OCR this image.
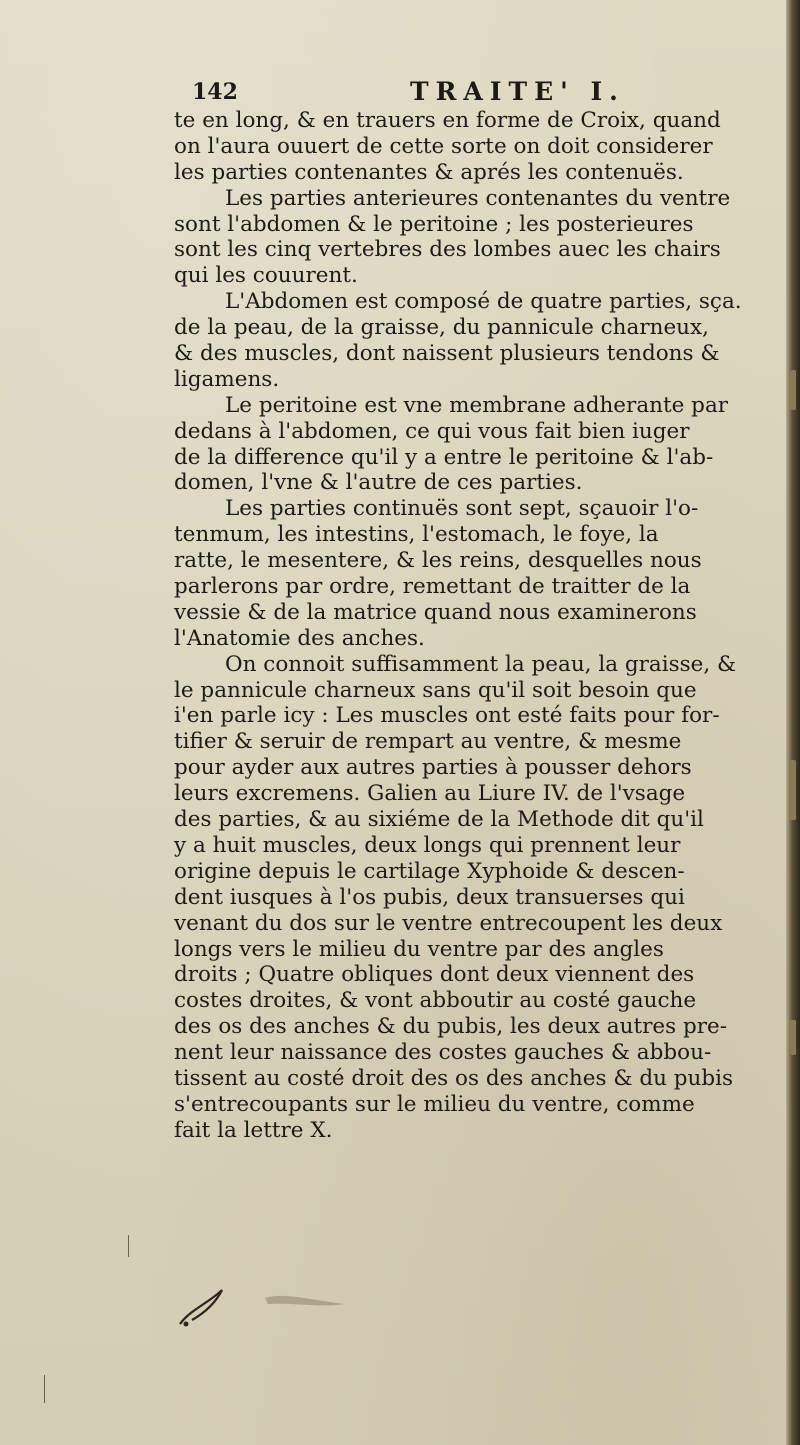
142	TRAITE' I.
te en long, & en trauers en forme de Croix, quand
on l'aura ouuert de cette sorte on doit considerer
les parties contenantes & aprés les contenuës.
Les parties anterieures contenantes du ventre
sont l'abdomen & le peritoine ; les posterieures
sont les cinq vertebres des lombes auec les chairs
qui les couurent.
L'Abdomen est composé de quatre parties, sça.
de la peau, de la graisse, du pannicule charneux,
& des muscles, dont naissent plusieurs tendons &
ligamens.
Le peritoine est vne membrane adherante par
dedans à l'abdomen, ce qui vous fait bien iuger
de la difference qu'il y a entre le peritoine & l'ab-
domen, l'vne & l'autre de ces parties.
Les parties continuës sont sept, sçauoir l'o-
tenmum, les intestins, l'estomach, le foye, la
ratte, le mesentere, & les reins, desquelles nous
parlerons par ordre, remettant de traitter de la
vessie & de la matrice quand nous examinerons
l'Anatomie des anches.
On connoit suffisamment la peau, la graisse, &
le pannicule charneux sans qu'il soit besoin que
i'en parle icy : Les muscles ont esté faits pour for-
tifier & seruir de rempart au ventre, & mesme
pour ayder aux autres parties à pousser dehors
leurs excremens. Galien au Liure IV. de l'vsage
des parties, & au sixiéme de la Methode dit qu'il
y a huit muscles, deux longs qui prennent leur
origine depuis le cartilage Xyphoide & descen-
dent iusques à l'os pubis, deux transuerses qui
venant du dos sur le ventre entrecoupent les deux
longs vers le milieu du ventre par des angles
droits ; Quatre obliques dont deux viennent des
costes droites, & vont abboutir au costé gauche
des os des anches & du pubis, les deux autres pre-
nent leur naissance des costes gauches & abbou-
tissent au costé droit des os des anches & du pubis
s'entrecoupants sur le milieu du ventre, comme
fait la lettre X.
